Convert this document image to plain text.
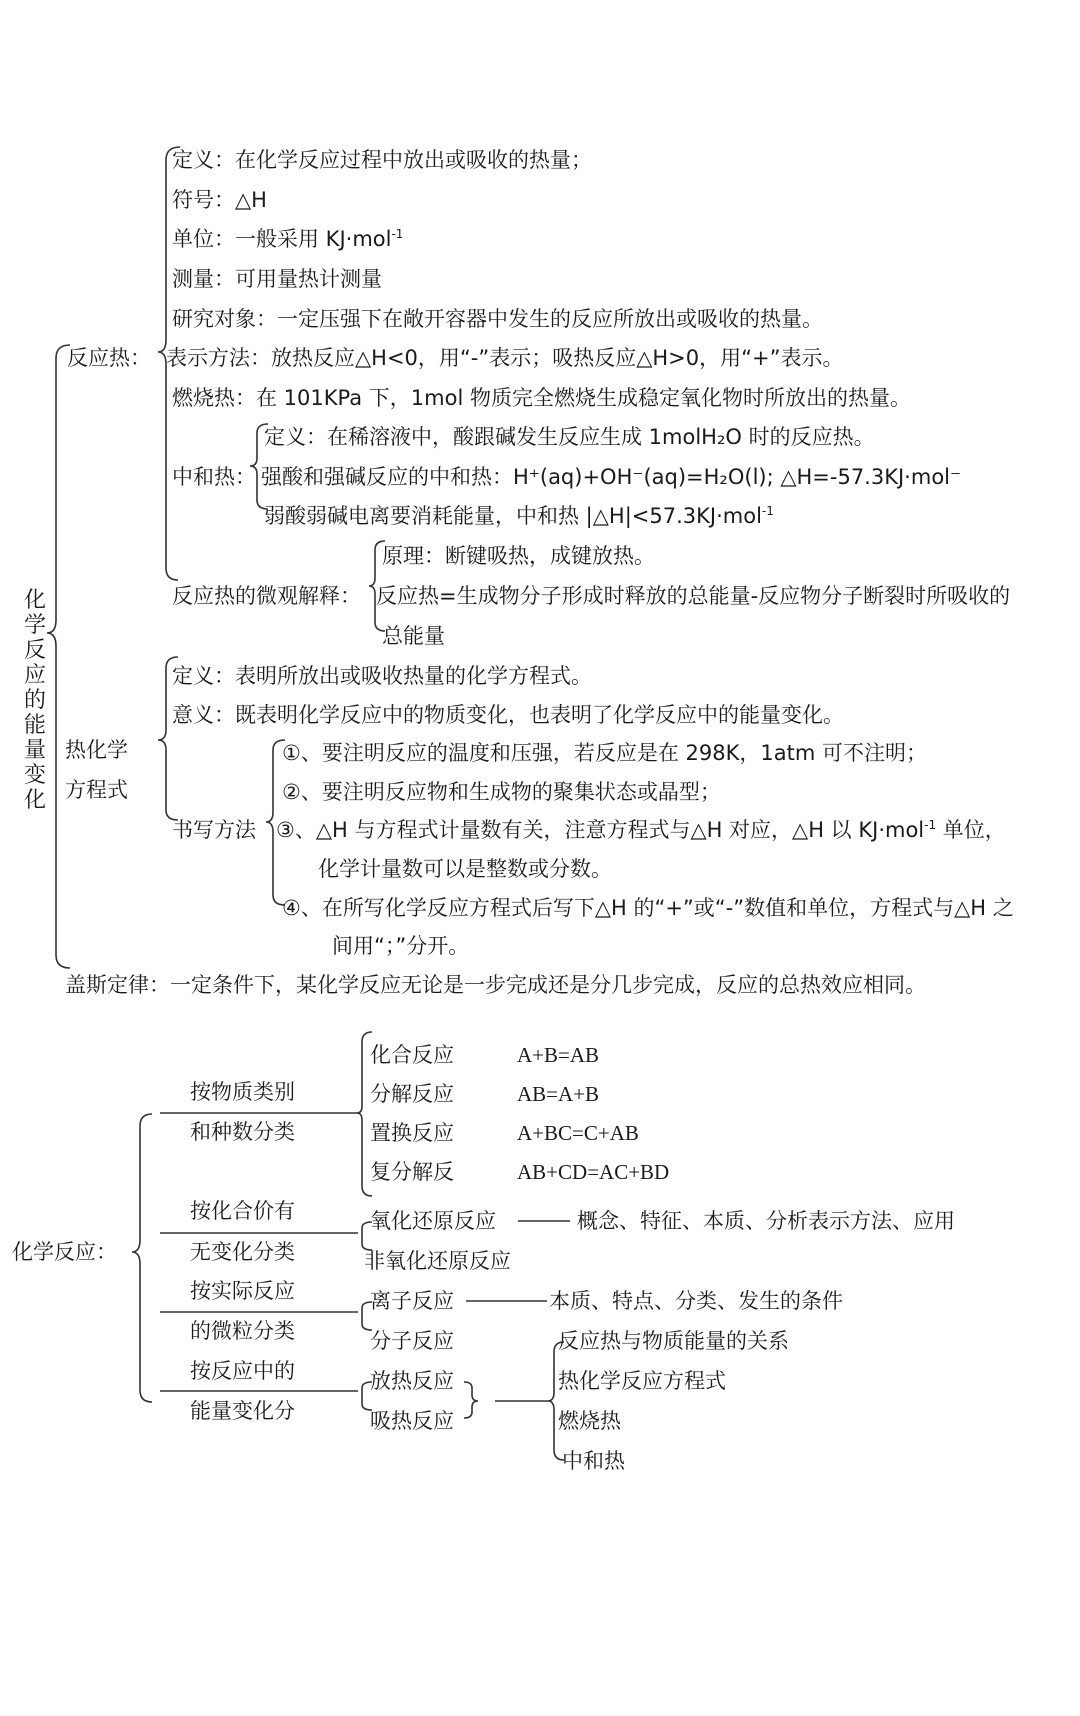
化学反应的能量变化
反应热：
定义：在化学反应过程中放出或吸收的热量；
符号：△H
单位：一般采用 KJ·mol$^{-1}$
测量：可用量热计测量
研究对象：一定压强下在敞开容器中发生的反应所放出或吸收的热量。
表示方法：放热反应△H<0，用“-”表示；吸热反应△H>0，用“+”表示。
燃烧热：在 101KPa 下，1mol 物质完全燃烧生成稳定氧化物时所放出的热量。
中和热：
定义：在稀溶液中，酸跟碱发生反应生成 1molH₂O 时的反应热。
强酸和强碱反应的中和热：H⁺(aq)+OH⁻(aq)=H₂O(l); △H=-57.3KJ·mol⁻
弱酸弱碱电离要消耗能量，中和热 |△H|<57.3KJ·mol$^{-1}$
反应热的微观解释：
原理：断键吸热，成键放热。
反应热=生成物分子形成时释放的总能量-反应物分子断裂时所吸收的
总能量
热化学
方程式
定义：表明所放出或吸收热量的化学方程式。
意义：既表明化学反应中的物质变化，也表明了化学反应中的能量变化。
书写方法
①、要注明反应的温度和压强，若反应是在 298K，1atm 可不注明；
②、要注明反应物和生成物的聚集状态或晶型；
③、△H 与方程式计量数有关，注意方程式与△H 对应，△H 以 KJ·mol$^{-1}$ 单位，
化学计量数可以是整数或分数。
④、在所写化学反应方程式后写下△H 的“+”或“-”数值和单位，方程式与△H 之
间用“；”分开。
盖斯定律：一定条件下，某化学反应无论是一步完成还是分几步完成，反应的总热效应相同。
化学反应：
按物质类别
和种数分类
化合反应	A+B=AB
分解反应	AB=A+B
置换反应	A+BC=C+AB
复分解反	AB+CD=AC+BD
按化合价有
无变化分类
氧化还原反应	概念、特征、本质、分析表示方法、应用
非氧化还原反应
按实际反应
的微粒分类
离子反应	本质、特点、分类、发生的条件
分子反应
按反应中的
能量变化分
放热反应
吸热反应
反应热与物质能量的关系
热化学反应方程式
燃烧热
中和热
